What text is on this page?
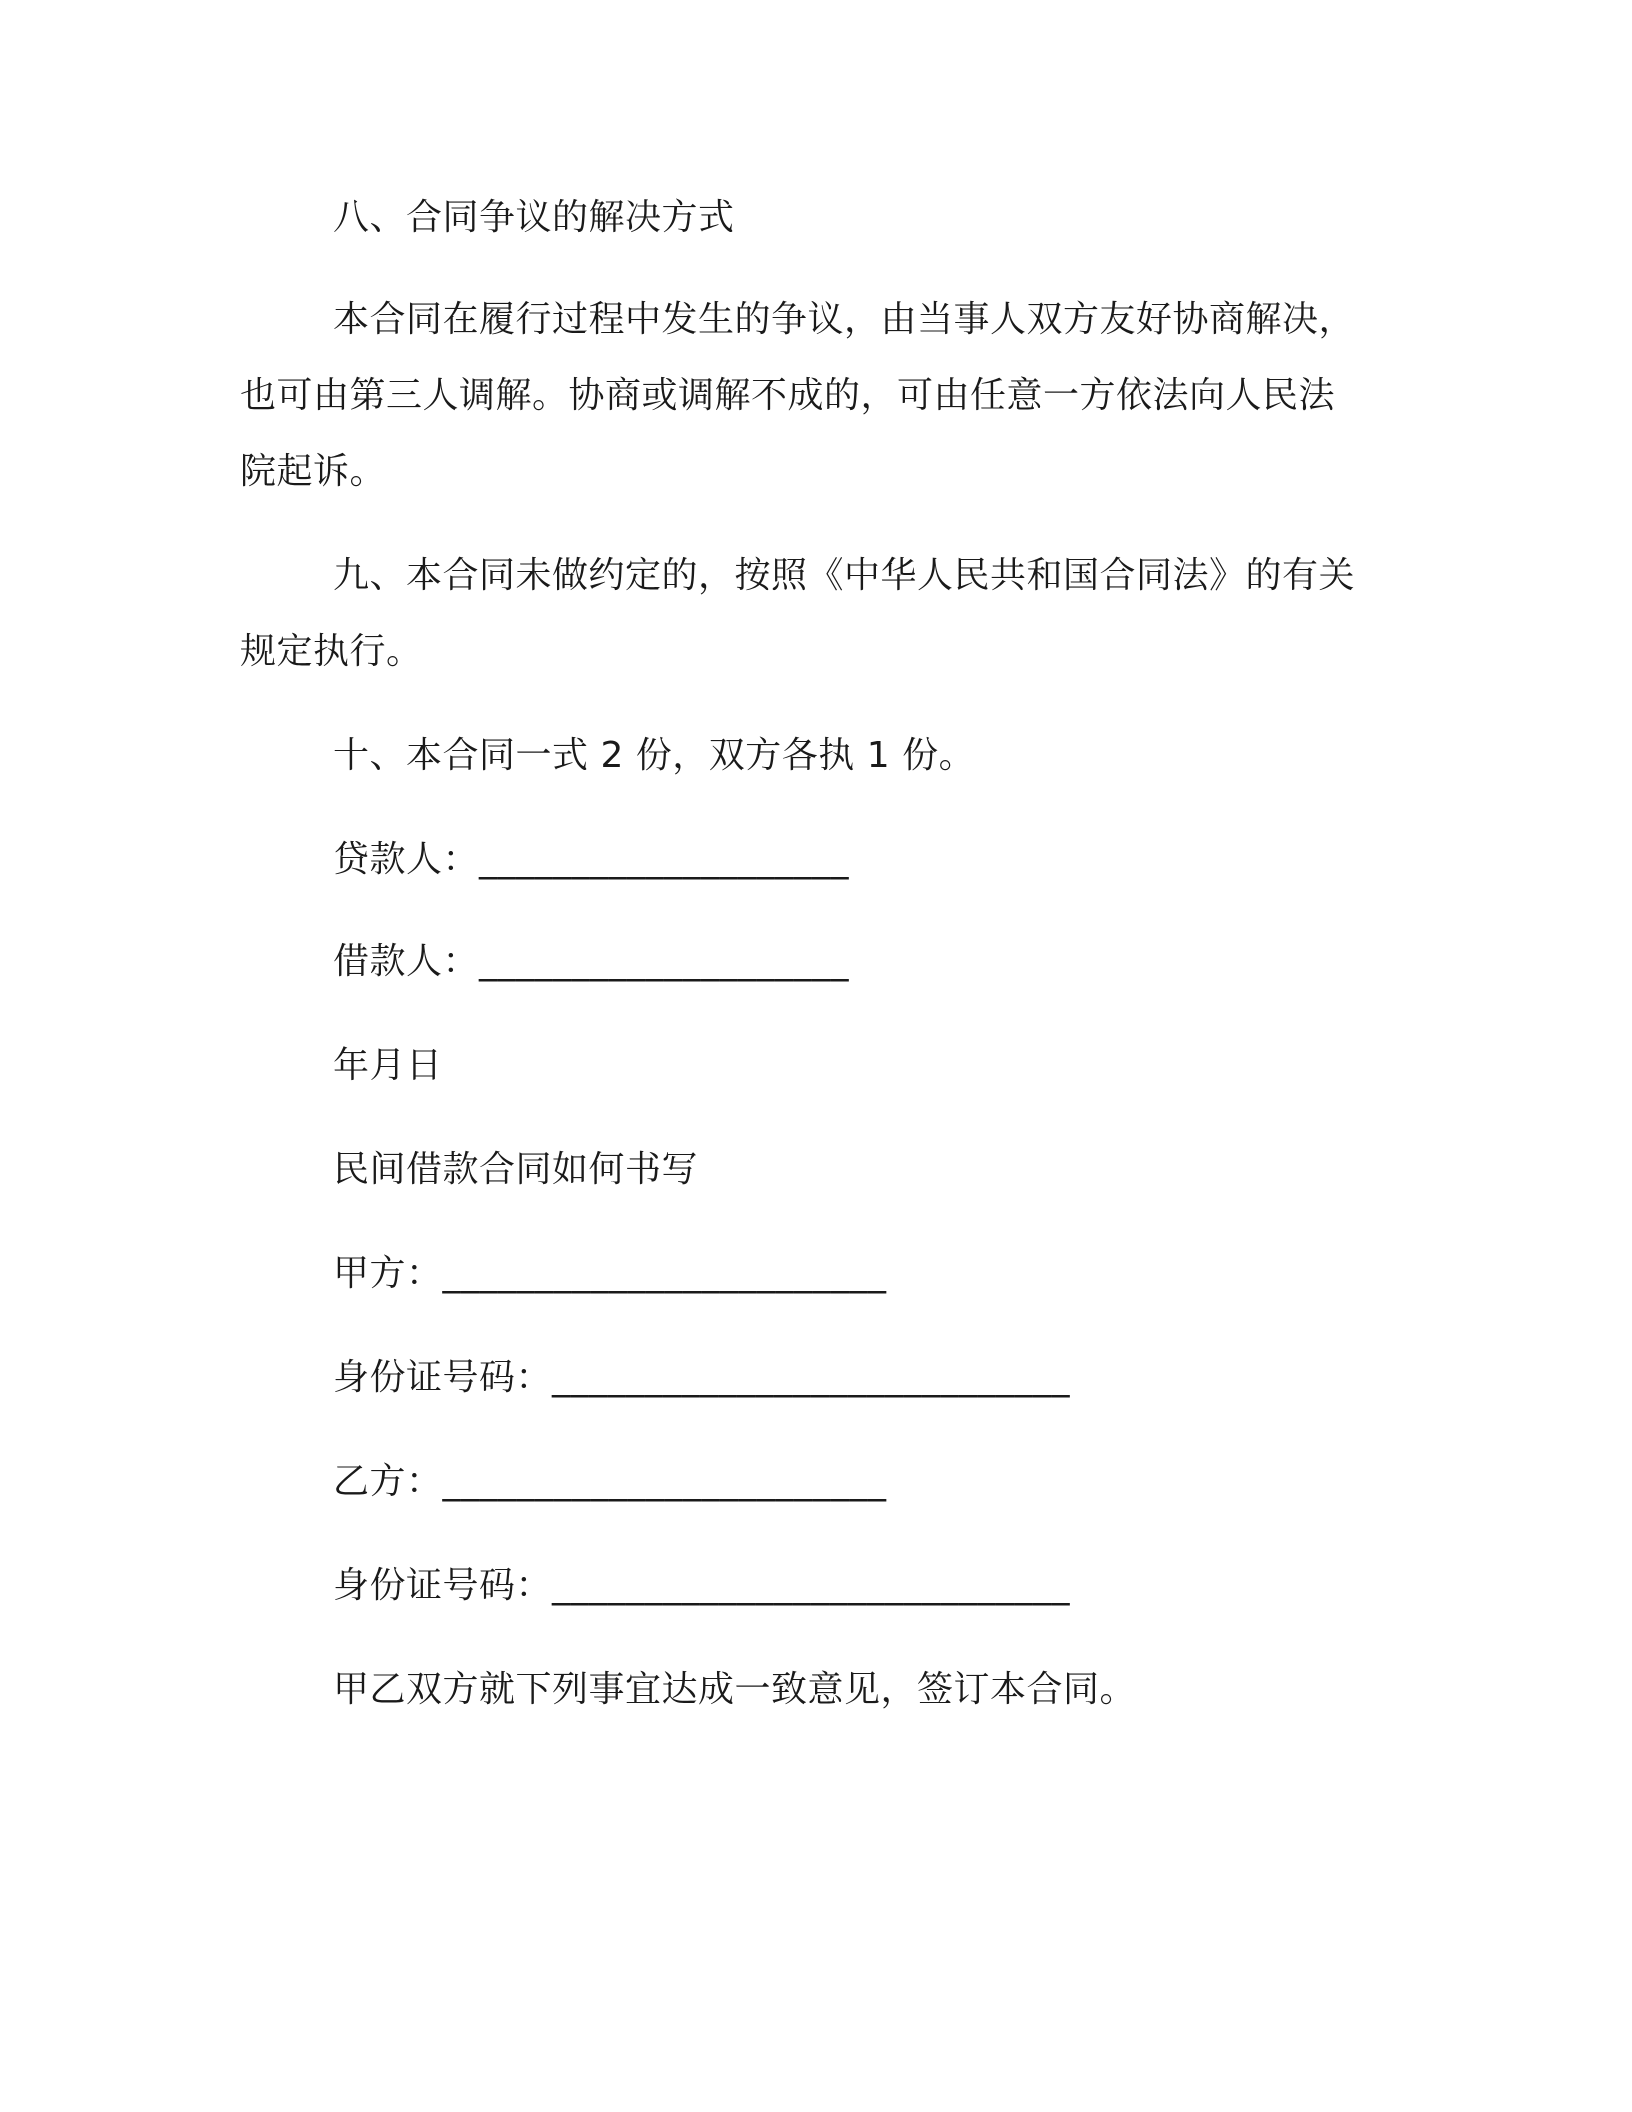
八、合同争议的解决方式
本合同在履行过程中发生的争议，由当事人双方友好协商解决，
也可由第三人调解。协商或调解不成的，可由任意一方依法向人民法
院起诉。
九、本合同未做约定的，按照《中华人民共和国合同法》的有关
规定执行。
十、本合同一式 2 份，双方各执 1 份。
贷款人：____________________
借款人：____________________
年月日
民间借款合同如何书写
甲方：________________________
身份证号码：____________________________
乙方：________________________
身份证号码：____________________________
甲乙双方就下列事宜达成一致意见，签订本合同。
